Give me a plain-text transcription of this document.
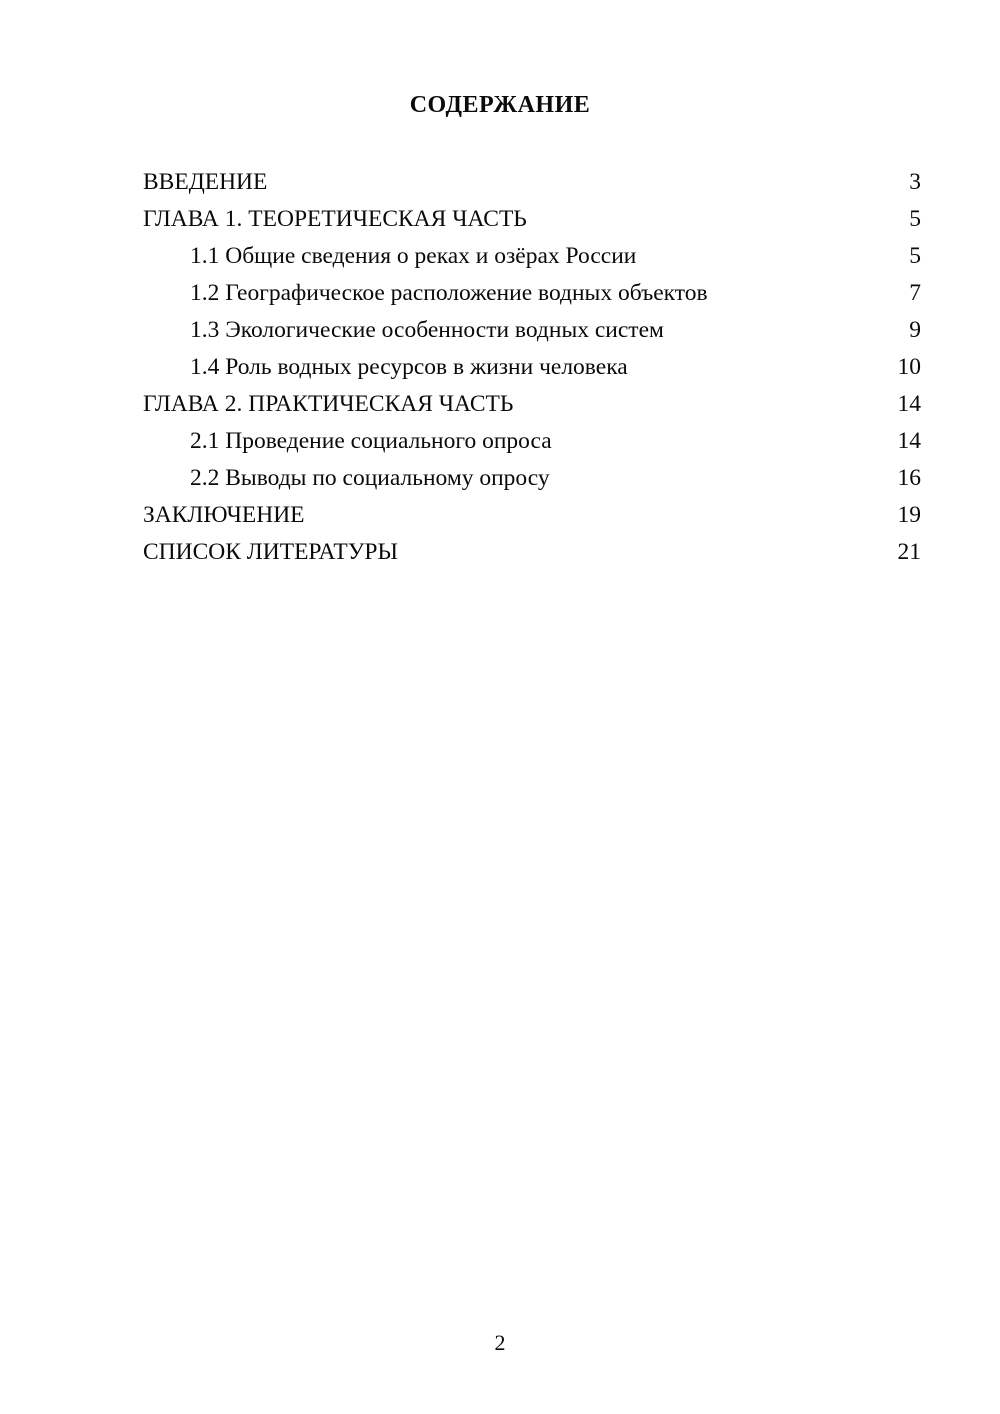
СОДЕРЖАНИЕ
ВВЕДЕНИЕ	3
ГЛАВА 1. ТЕОРЕТИЧЕСКАЯ ЧАСТЬ	5
1.1 Общие сведения о реках и озёрах России	5
1.2 Географическое расположение водных объектов	7
1.3 Экологические особенности водных систем	9
1.4 Роль водных ресурсов в жизни человека	10
ГЛАВА 2. ПРАКТИЧЕСКАЯ ЧАСТЬ	14
2.1 Проведение социального опроса	14
2.2 Выводы по социальному опросу	16
ЗАКЛЮЧЕНИЕ	19
СПИСОК ЛИТЕРАТУРЫ	21
2
